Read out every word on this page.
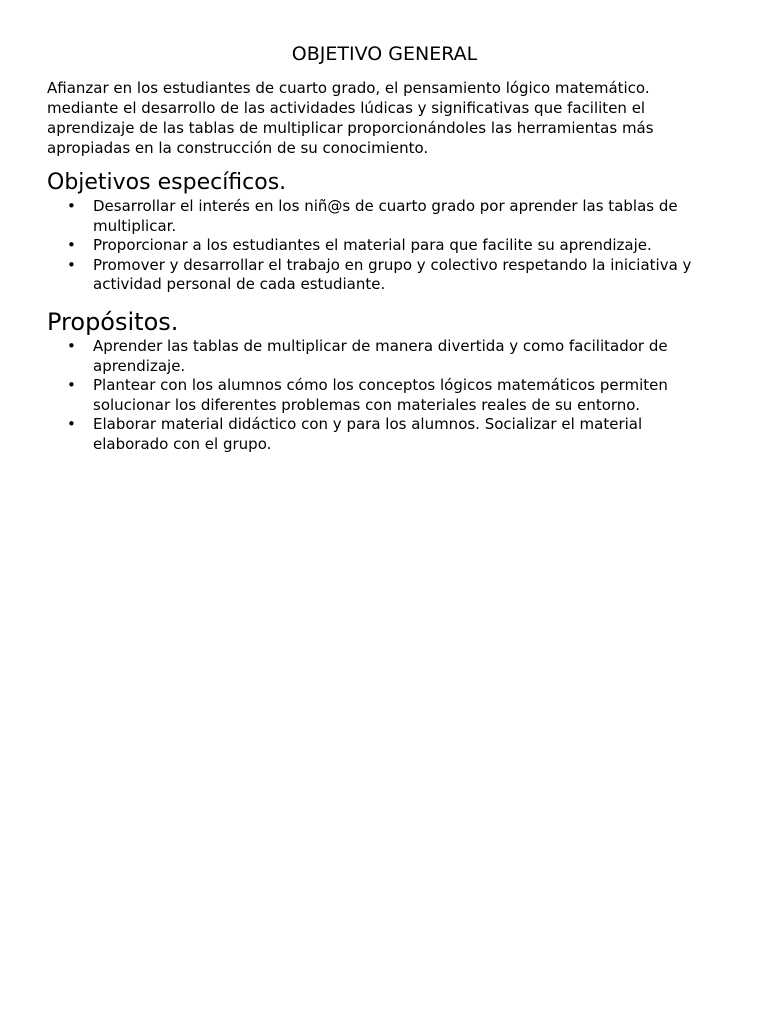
OBJETIVO GENERAL

Afianzar en los estudiantes de cuarto grado, el pensamiento lógico matemático. mediante el desarrollo de las actividades lúdicas y significativas que faciliten el aprendizaje de las tablas de multiplicar proporcionándoles las herramientas más apropiadas en la construcción de su conocimiento.

Objetivos específicos.
• Desarrollar el interés en los niñ@s de cuarto grado por aprender las tablas de multiplicar.
• Proporcionar a los estudiantes el material para que facilite su aprendizaje.
• Promover y desarrollar el trabajo en grupo y colectivo respetando la iniciativa y actividad personal de cada estudiante.
Propósitos.
• Aprender las tablas de multiplicar de manera divertida y como facilitador de aprendizaje.
• Plantear con los alumnos cómo los conceptos lógicos matemáticos permiten solucionar los diferentes problemas con materiales reales de su entorno.
• Elaborar material didáctico con y para los alumnos. Socializar el material elaborado con el grupo.
